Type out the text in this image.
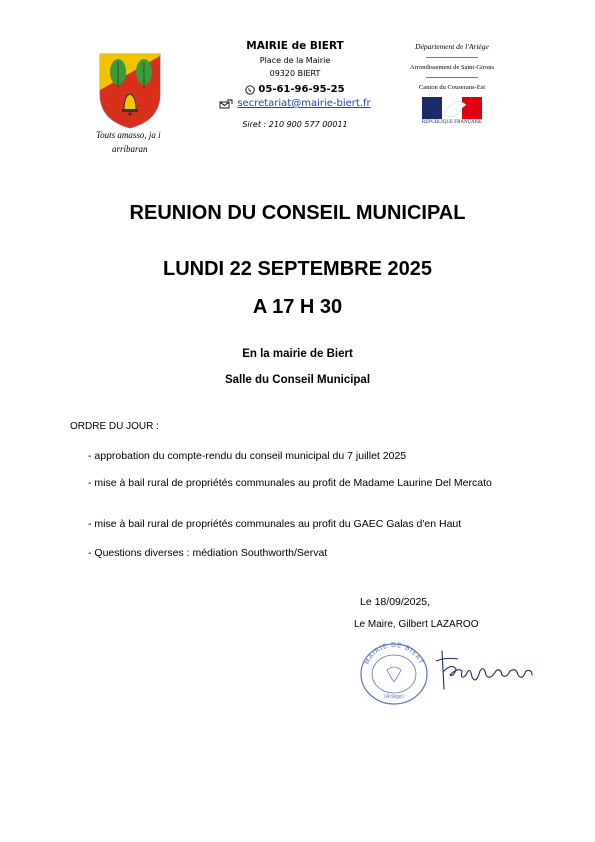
Touts amasso, ja i
arribaran
MAIRIE de BIERT
Place de la Mairie
09320 BIERT
05-61-96-95-25
secretariat@mairie-biert.fr
Siret : 210 900 577 00011
Département de l'Ariège
Arrondissement de Saint-Girons
Canton du Couserans-Est
RÉPUBLIQUE FRANÇAISE
REUNION DU CONSEIL MUNICIPAL
LUNDI 22 SEPTEMBRE 2025
A 17 H 30
En la mairie de Biert
Salle du Conseil Municipal
ORDRE DU JOUR :
- approbation du compte-rendu du conseil municipal du 7 juillet 2025
- mise à bail rural de propriétés communales au profit de Madame Laurine Del Mercato
- mise à bail rural de propriétés communales au profit du GAEC Galas d'en Haut
- Questions diverses : médiation Southworth/Servat
Le 18/09/2025,
Le Maire, Gilbert LAZAROO
MAIRIE DE BIERT
(Ariège)
